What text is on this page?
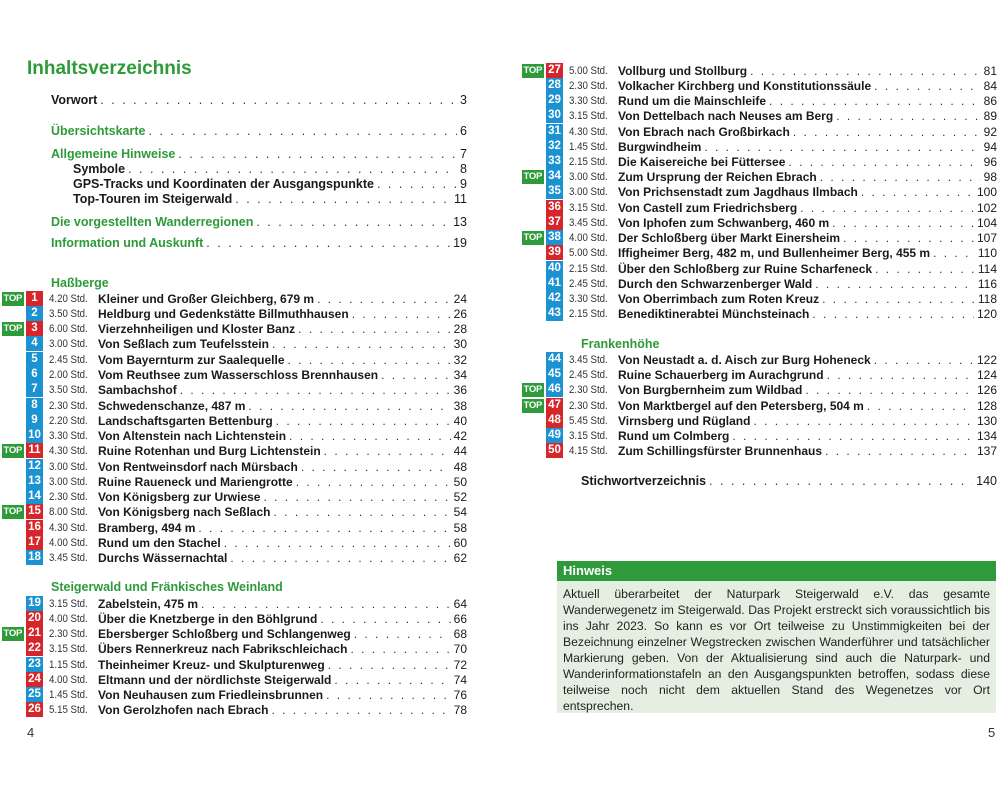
Inhaltsverzeichnis
Vorwort . . .	3
Übersichtskarte . . .	6
Allgemeine Hinweise . . .	7
Symbole . . .	8
GPS-Tracks und Koordinaten der Ausgangspunkte . . .	9
Top-Touren im Steigerwald . . .	11
Die vorgestellten Wanderregionen . . .	13
Information und Auskunft . . .	19
Haßberge
Steigerwald und Fränkisches Weinland
TOP 1	4.20 Std. Kleiner und Großer Gleichberg, 679 m . . .	24
2	3.50 Std. Heldburg und Gedenkstätte Billmuthhausen . . .	26
TOP 3	6.00 Std. Vierzehnheiligen und Kloster Banz . . .	28
4	3.00 Std. Von Seßlach zum Teufelsstein . . .	30
5	2.45 Std. Vom Bayernturm zur Saalequelle . . .	32
6	2.00 Std. Vom Reuthsee zum Wasserschloss Brennhausen . . .	34
7	3.50 Std. Sambachshof . . .	36
8	2.30 Std. Schwedenschanze, 487 m . . .	38
9	2.20 Std. Landschaftsgarten Bettenburg . . .	40
10 3.30 Std. Von Altenstein nach Lichtenstein . . .	42
TOP 11 4.30 Std. Ruine Rotenhan und Burg Lichtenstein . . .	44
12 3.00 Std. Von Rentweinsdorf nach Mürsbach . . .	48
13 3.00 Std. Ruine Raueneck und Mariengrotte . . .	50
14 2.30 Std. Von Königsberg zur Urwiese . . .	52
TOP 15 8.00 Std. Von Königsberg nach Seßlach . . .	54
16 4.30 Std. Bramberg, 494 m . . .	58
17 4.00 Std. Rund um den Stachel . . .	60
18 3.45 Std. Durchs Wässernachtal . . .	62
19 3.15 Std. Zabelstein, 475 m . . .	64
20 4.00 Std. Über die Knetzberge in den Böhlgrund . . .	66
TOP 21 2.30 Std. Ebersberger Schloßberg und Schlangenweg . . .	68
22 3.15 Std. Übers Rennerkreuz nach Fabrikschleichach . . .	70
23 1.15 Std. Theinheimer Kreuz- und Skulpturenweg . . .	72
24 4.00 Std. Eltmann und der nördlichste Steigerwald . . .	74
25 1.45 Std. Von Neuhausen zum Friedleinsbrunnen . . .	76
26 5.15 Std. Von Gerolzhofen nach Ebrach . . .	78

4

TOP 27 5.00 Std. Vollburg und Stollburg . . .	81
28 2.30 Std. Volkacher Kirchberg und Konstitutionssäule . . .	84
29 3.30 Std. Rund um die Mainschleife . . .	86
30 3.15 Std. Von Dettelbach nach Neuses am Berg . . .	89
31 4.30 Std. Von Ebrach nach Großbirkach . . .	92
32 1.45 Std. Burgwindheim . . .	94
33 2.15 Std. Die Kaisereiche bei Füttersee . . .	96
TOP 34 3.00 Std. Zum Ursprung der Reichen Ebrach . . .	98
35 3.00 Std. Von Prichsenstadt zum Jagdhaus Ilmbach . . .	100
36 3.15 Std. Von Castell zum Friedrichsberg . . .	102
37 3.45 Std. Von Iphofen zum Schwanberg, 460 m . . .	104
TOP 38 4.00 Std. Der Schloßberg über Markt Einersheim . . .	107
39 5.00 Std. Iffigheimer Berg, 482 m, und Bullenheimer Berg, 455 m . . .	110
40 2.15 Std. Über den Schloßberg zur Ruine Scharfeneck . . .	114
41 2.45 Std. Durch den Schwarzenberger Wald . . .	116
42 3.30 Std. Von Oberrimbach zum Roten Kreuz . . .	118
43 2.15 Std. Benediktinerabtei Münchsteinach . . .	120
Frankenhöhe
44 3.45 Std. Von Neustadt a. d. Aisch zur Burg Hoheneck . . .	122
45 2.45 Std. Ruine Schauerberg im Aurachgrund . . .	124
TOP 46 2.30 Std. Von Burgbernheim zum Wildbad . . .	126
TOP 47 2.30 Std. Von Marktbergel auf den Petersberg, 504 m . . .	128
48 5.45 Std. Virnsberg und Rügland . . .	130
49 3.15 Std. Rund um Colmberg . . .	134
50 4.15 Std. Zum Schillingsfürster Brunnenhaus . . .	137
Stichwortverzeichnis . . .	140

5

Hinweis

Aktuell überarbeitet der Naturpark Steigerwald e.V. das gesamte Wanderwegenetz im Steigerwald. Das Projekt erstreckt sich voraussichtlich bis ins Jahr 2023. So kann es vor Ort teilweise zu Unstimmigkeiten bei der Bezeichnung einzelner Wegstrecken zwischen Wanderführer und tatsächlicher Markierung geben. Von der Aktualisierung sind auch die Naturpark- und Wanderinformationstafeln an den Ausgangspunkten betroffen, sodass diese teilweise noch nicht dem aktuellen Stand des Wegenetzes vor Ort entsprechen.
